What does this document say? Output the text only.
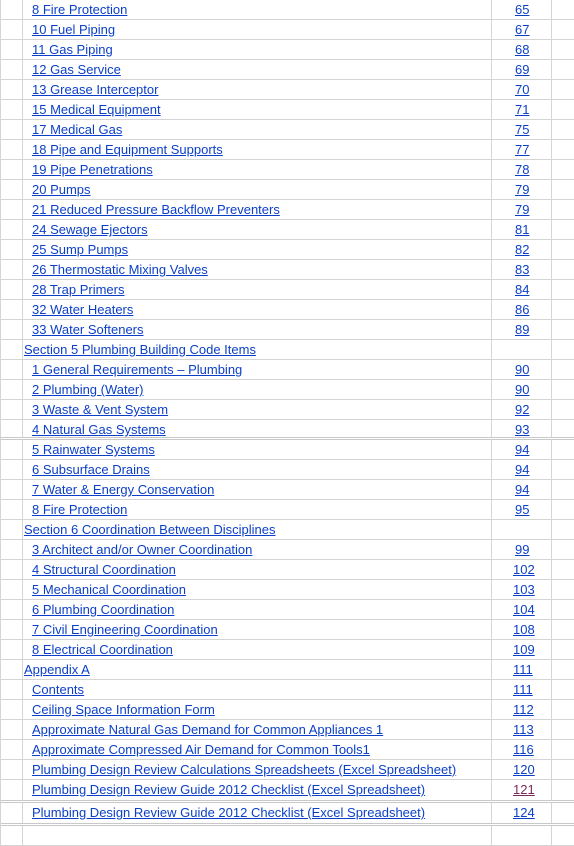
8 Fire Protection	65
10 Fuel Piping	67
11 Gas Piping	68
12 Gas Service	69
13 Grease Interceptor	70
15 Medical Equipment	71
17 Medical Gas	75
18 Pipe and Equipment Supports	77
19 Pipe Penetrations	78
20 Pumps	79
21 Reduced Pressure Backflow Preventers	79
24 Sewage Ejectors	81
25 Sump Pumps	82
26 Thermostatic Mixing Valves	83
28 Trap Primers	84
32 Water Heaters	86
33 Water Softeners	89
Section 5 Plumbing Building Code Items
1 General Requirements – Plumbing	90
2 Plumbing (Water)	90
3 Waste & Vent System	92
4 Natural Gas Systems	93
5 Rainwater Systems	94
6 Subsurface Drains	94
7 Water & Energy Conservation	94
8 Fire Protection	95
Section 6 Coordination Between Disciplines
3 Architect and/or Owner Coordination	99
4 Structural Coordination	102
5 Mechanical Coordination	103
6 Plumbing Coordination	104
7 Civil Engineering Coordination	108
8 Electrical Coordination	109
Appendix A	111
Contents	111
Ceiling Space Information Form	112
Approximate Natural Gas Demand for Common Appliances 1	113
Approximate Compressed Air Demand for Common Tools1	116
Plumbing Design Review Calculations Spreadsheets (Excel Spreadsheet)	120
Plumbing Design Review Guide 2012 Checklist (Excel Spreadsheet)	121
Plumbing Design Review Guide 2012 Checklist (Excel Spreadsheet)	124
